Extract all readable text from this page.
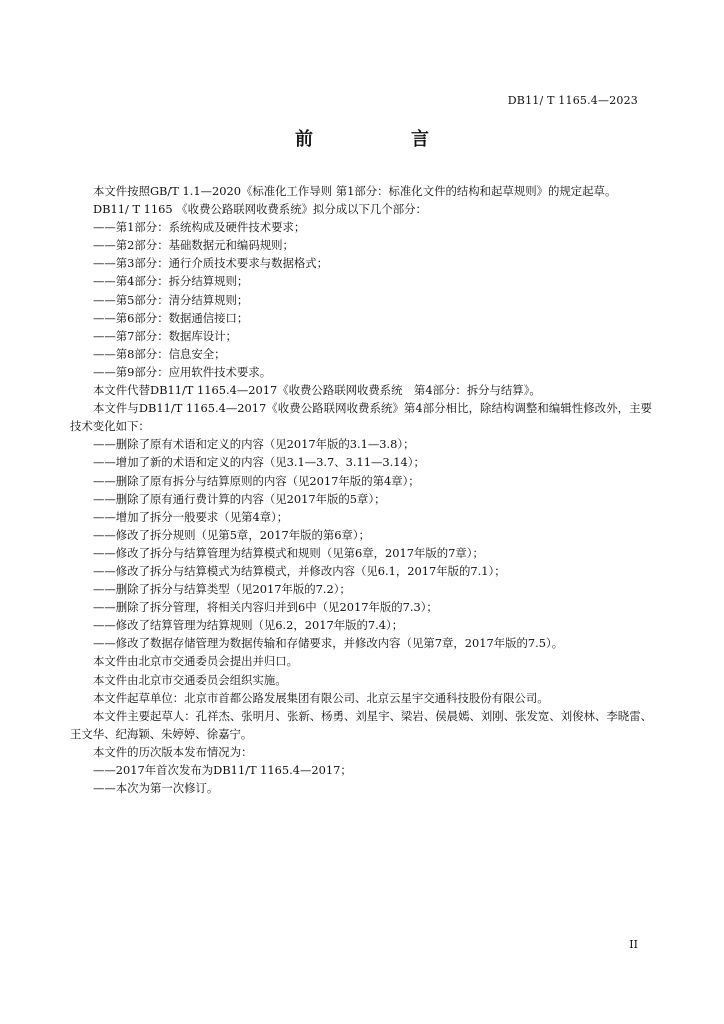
DB11/ T 1165.4—2023
前　言

本文件按照GB/T 1.1—2020《标准化工作导则 第1部分：标准化文件的结构和起草规则》的规定起草。

DB11/ T 1165 《收费公路联网收费系统》拟分成以下几个部分：

——第1部分：系统构成及硬件技术要求；

——第2部分：基础数据元和编码规则；

——第3部分：通行介质技术要求与数据格式；

——第4部分：拆分结算规则；

——第5部分：清分结算规则；

——第6部分：数据通信接口；

——第7部分：数据库设计；

——第8部分：信息安全；

——第9部分：应用软件技术要求。

本文件代替DB11/T 1165.4—2017《收费公路联网收费系统　第4部分：拆分与结算》。

本文件与DB11/T 1165.4—2017《收费公路联网收费系统》第4部分相比，除结构调整和编辑性修改外，主要技术变化如下：

——删除了原有术语和定义的内容（见2017年版的3.1—3.8）；

——增加了新的术语和定义的内容（见3.1—3.7、3.11—3.14）；

——删除了原有拆分与结算原则的内容（见2017年版的第4章）；

——删除了原有通行费计算的内容（见2017年版的5章）；

——增加了拆分一般要求（见第4章）；

——修改了拆分规则（见第5章，2017年版的第6章）；

——修改了拆分与结算管理为结算模式和规则（见第6章，2017年版的7章）；

——修改了拆分与结算模式为结算模式，并修改内容（见6.1，2017年版的7.1）；

——删除了拆分与结算类型（见2017年版的7.2）；

——删除了拆分管理，将相关内容归并到6中（见2017年版的7.3）；

——修改了结算管理为结算规则（见6.2，2017年版的7.4）；

——修改了数据存储管理为数据传输和存储要求，并修改内容（见第7章，2017年版的7.5）。

本文件由北京市交通委员会提出并归口。

本文件由北京市交通委员会组织实施。

本文件起草单位：北京市首都公路发展集团有限公司、北京云星宇交通科技股份有限公司。

本文件主要起草人：孔祥杰、张明月、张新、杨勇、刘星宇、梁岩、侯晨嫣、刘刚、张发宽、刘俊林、李晓雷、王文华、纪海颖、朱婷婷、徐嘉宁。

本文件的历次版本发布情况为：

——2017年首次发布为DB11/T 1165.4—2017；

——本次为第一次修订。

II
